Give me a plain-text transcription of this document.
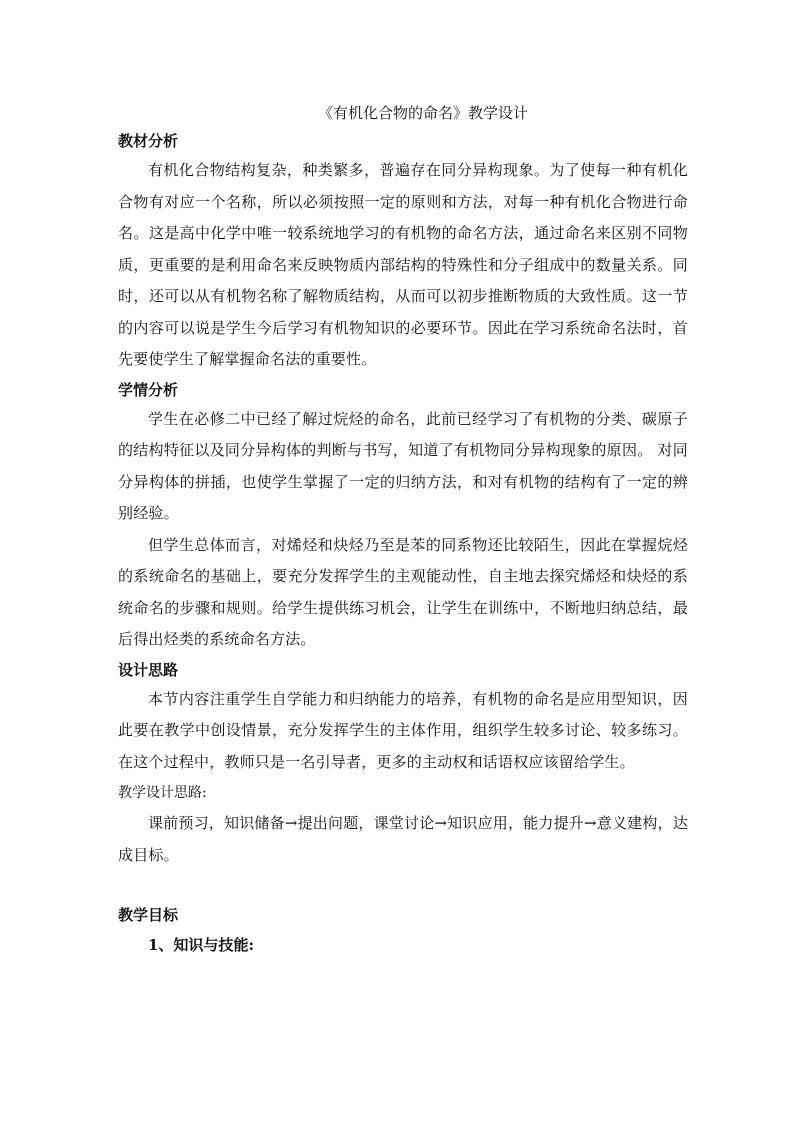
《有机化合物的命名》教学设计

教材分析

有机化合物结构复杂，种类繁多，普遍存在同分异构现象。为了使每一种有机化合物有对应一个名称，所以必须按照一定的原则和方法，对每一种有机化合物进行命名。这是高中化学中唯一较系统地学习的有机物的命名方法，通过命名来区别不同物质，更重要的是利用命名来反映物质内部结构的特殊性和分子组成中的数量关系。同时，还可以从有机物名称了解物质结构，从而可以初步推断物质的大致性质。这一节的内容可以说是学生今后学习有机物知识的必要环节。因此在学习系统命名法时，首先要使学生了解掌握命名法的重要性。

学情分析

学生在必修二中已经了解过烷烃的命名，此前已经学习了有机物的分类、碳原子的结构特征以及同分异构体的判断与书写，知道了有机物同分异构现象的原因。 对同分异构体的拼插，也使学生掌握了一定的归纳方法，和对有机物的结构有了一定的辨别经验。

但学生总体而言，对烯烃和炔烃乃至是苯的同系物还比较陌生，因此在掌握烷烃的系统命名的基础上，要充分发挥学生的主观能动性，自主地去探究烯烃和炔烃的系统命名的步骤和规则。给学生提供练习机会，让学生在训练中，不断地归纳总结，最后得出烃类的系统命名方法。

设计思路

本节内容注重学生自学能力和归纳能力的培养，有机物的命名是应用型知识，因此要在教学中创设情景，充分发挥学生的主体作用，组织学生较多讨论、较多练习。在这个过程中，教师只是一名引导者，更多的主动权和话语权应该留给学生。

教学设计思路:

课前预习，知识储备→提出问题，课堂讨论→知识应用，能力提升→意义建构，达成目标。

教学目标

1、知识与技能:
